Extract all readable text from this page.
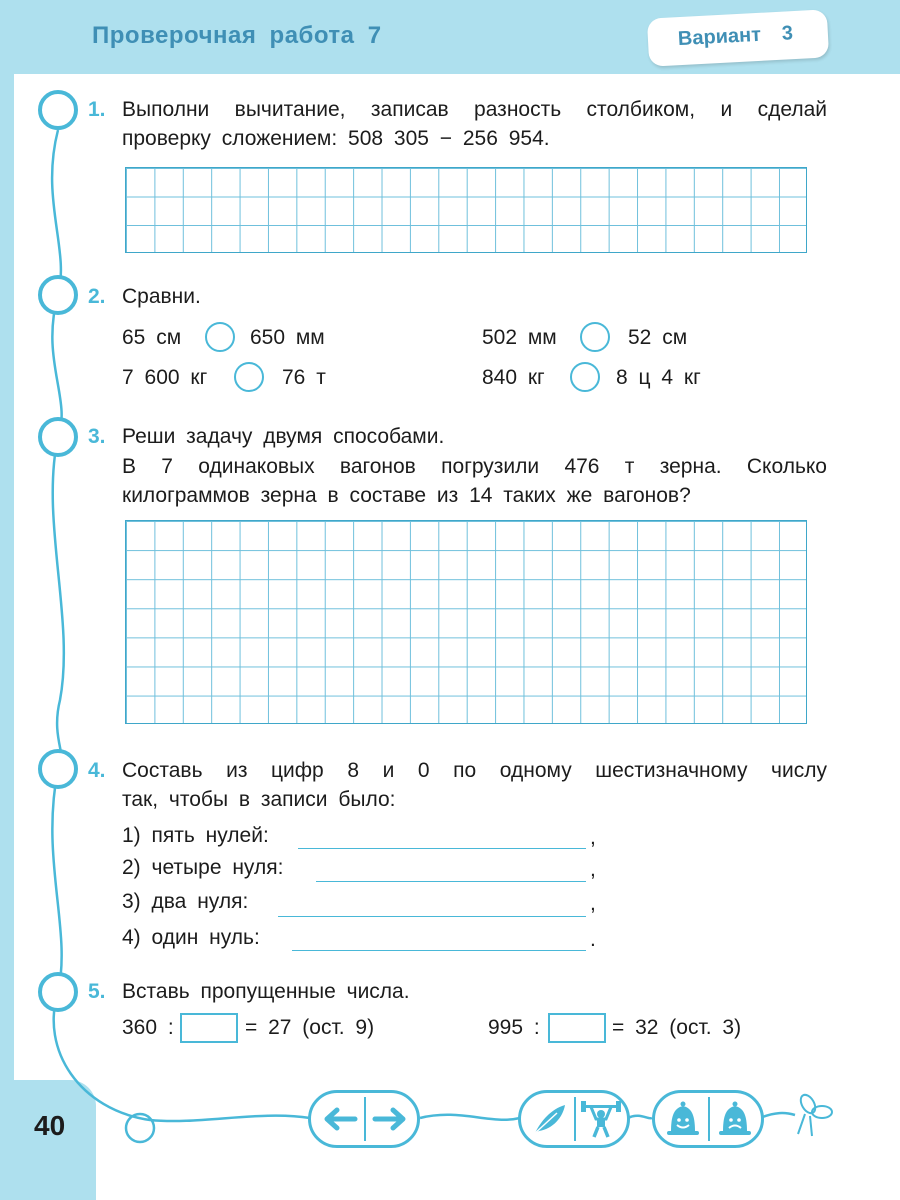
Проверочная работа 7	Вариант 3
1. Выполни вычитание, записав разность столбиком, и сделай
проверку сложением: 508 305 − 256 954.
2. Сравни.
65 см	650 мм	502 мм	52 см
7 600 кг	76 т	840 кг	8 ц 4 кг
3. Реши задачу двумя способами.
В 7 одинаковых вагонов погрузили 476 т зерна. Сколько
килограммов зерна в составе из 14 таких же вагонов?
4. Составь из цифр 8 и 0 по одному шестизначному числу
так, чтобы в записи было:
1) пять нулей:	,
2) четыре нуля:	,
3) два нуля:	,
4) один нуль:	.
5. Вставь пропущенные числа.
360 :	= 27 (ост. 9)	995 :	= 32 (ост. 3)
40
